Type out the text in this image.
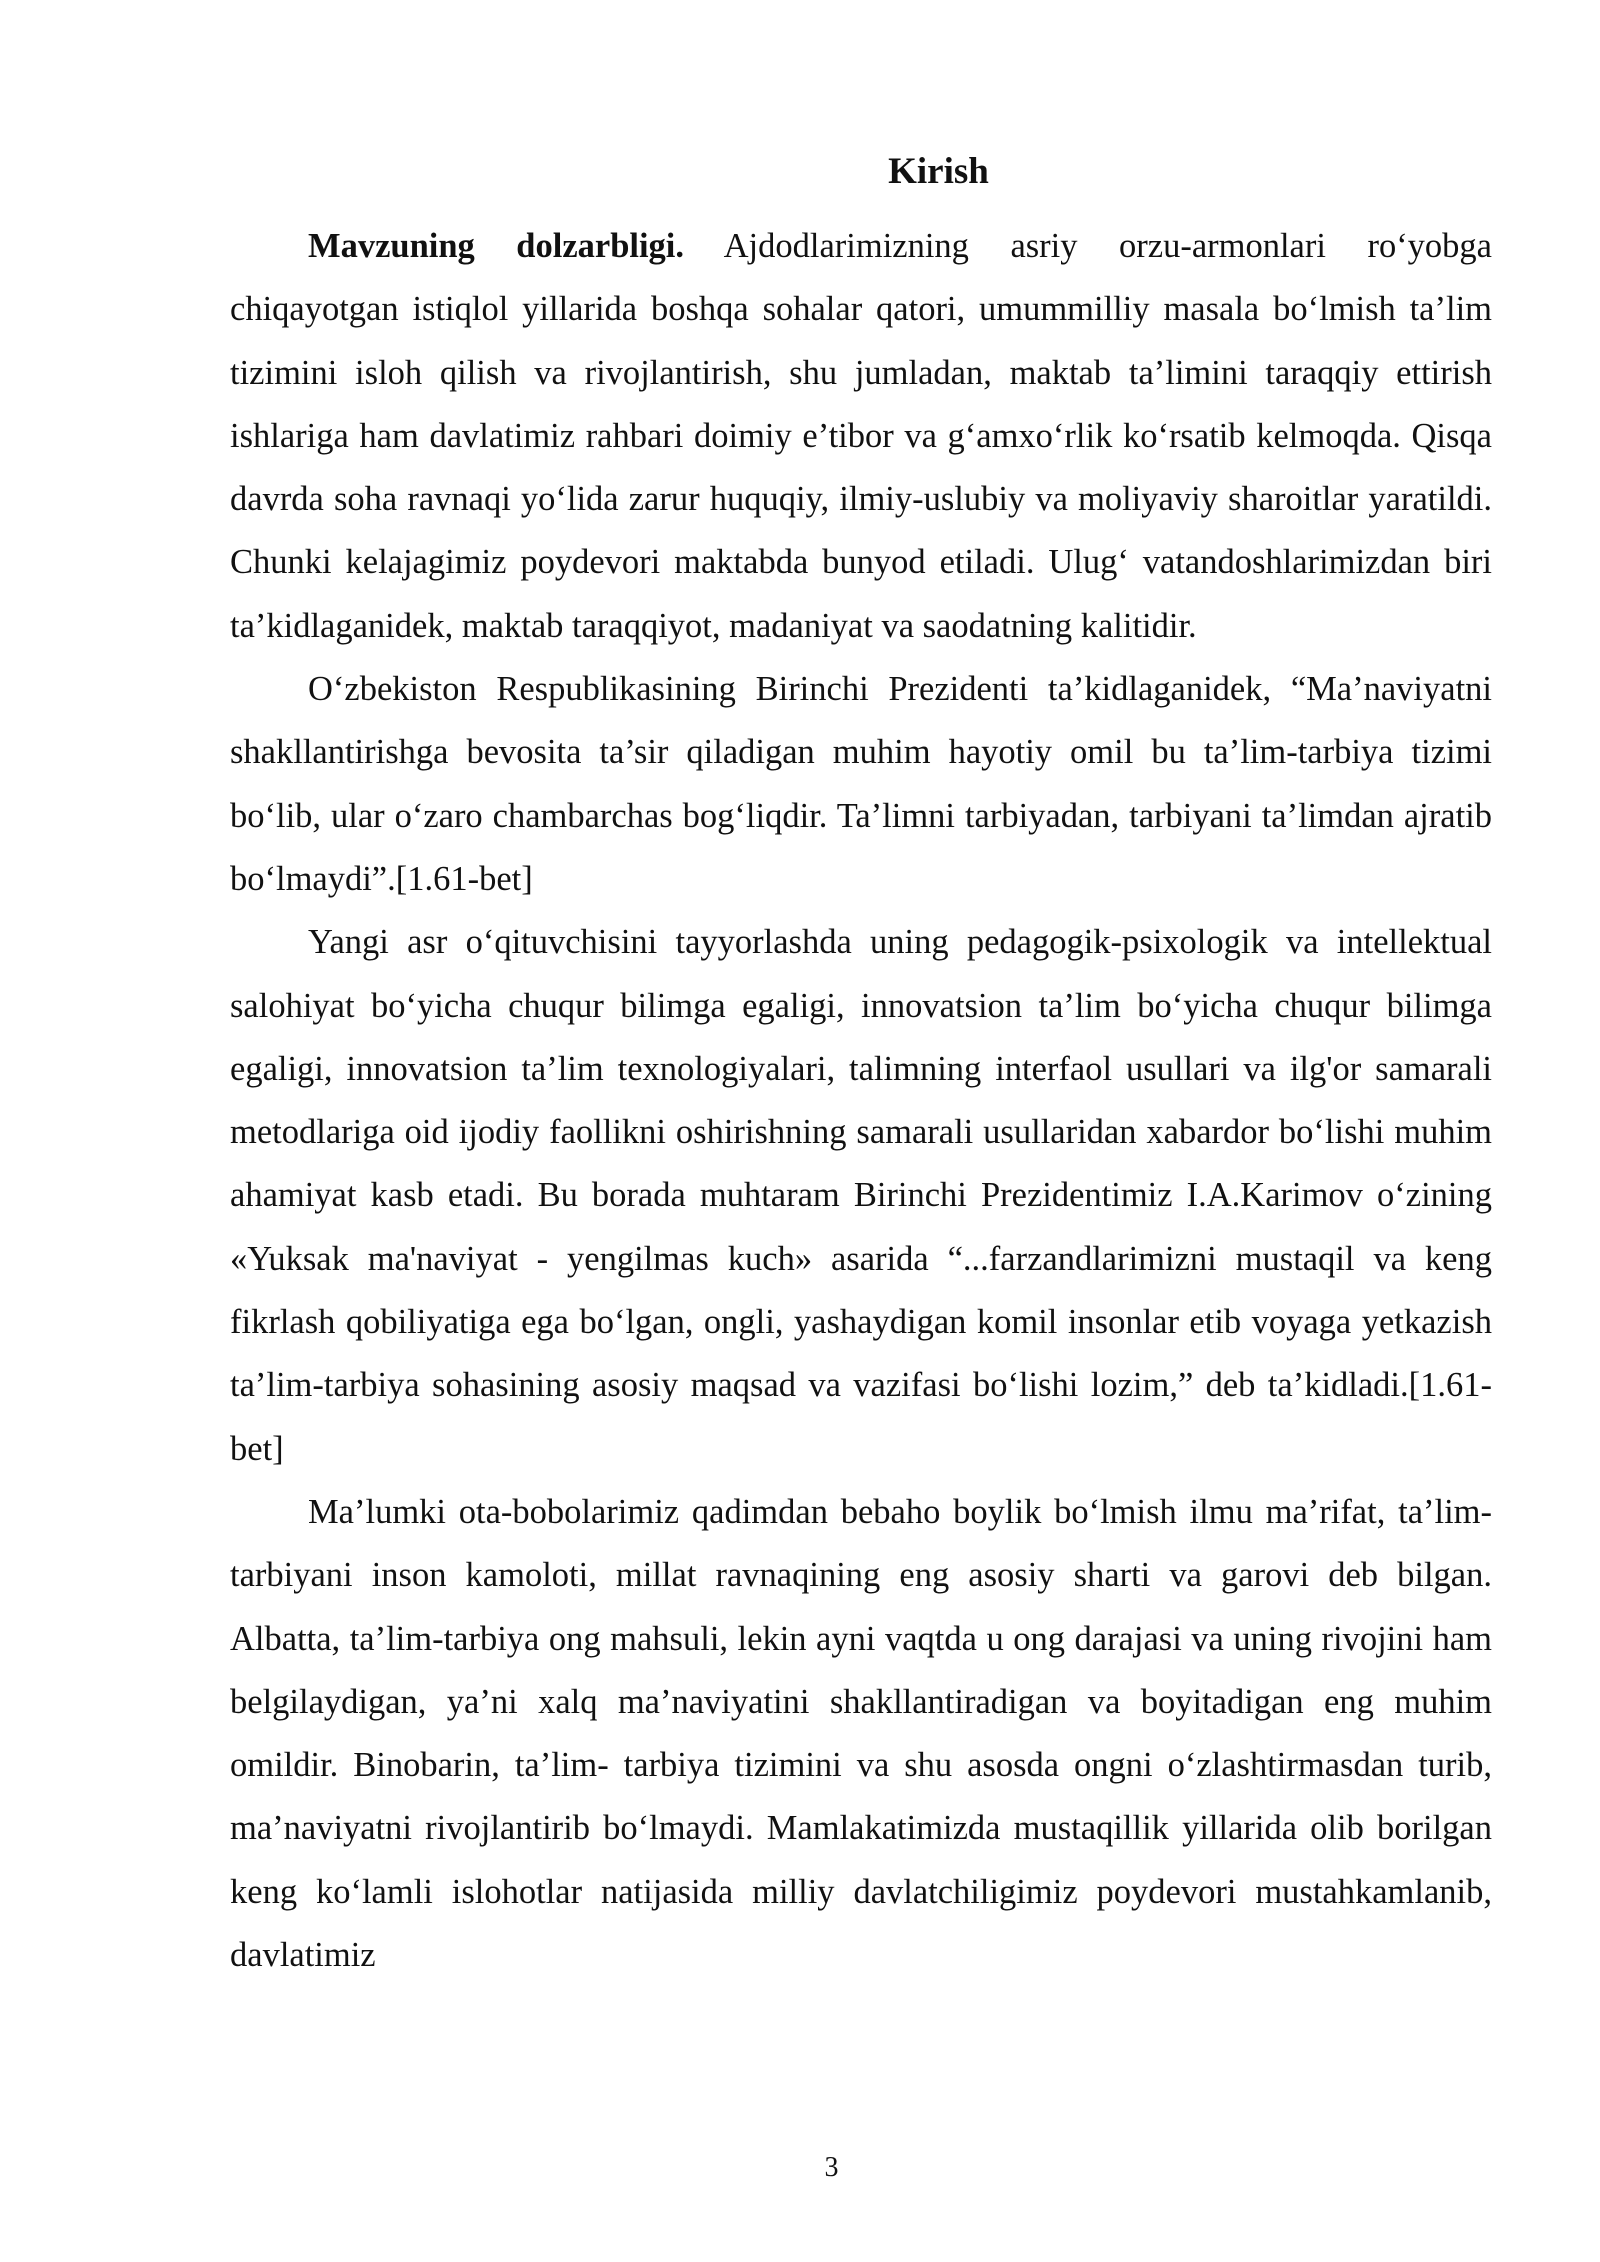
Kirish

Mavzuning dolzarbligi. Ajdodlarimizning asriy orzu-armonlari ro‘yobga chiqayotgan istiqlol yillarida boshqa sohalar qatori, umummilliy masala bo‘lmish ta’lim tizimini isloh qilish va rivojlantirish, shu jumladan, maktab ta’limini taraqqiy ettirish ishlariga ham davlatimiz rahbari doimiy e’tibor va g‘amxo‘rlik ko‘rsatib kelmoqda. Qisqa davrda soha ravnaqi yo‘lida zarur huquqiy, ilmiy-uslubiy va moliyaviy sharoitlar yaratildi. Chunki kelajagimiz poydevori maktabda bunyod etiladi. Ulug‘ vatandoshlarimizdan biri ta’kidlaganidek, maktab taraqqiyot, madaniyat va saodatning kalitidir.

O‘zbekiston Respublikasining Birinchi Prezidenti ta’kidlaganidek, “Ma’naviyatni shakllantirishga bevosita ta’sir qiladigan muhim hayotiy omil bu ta’lim-tarbiya tizimi bo‘lib, ular o‘zaro chambarchas bog‘liqdir. Ta’limni tarbiyadan, tarbiyani ta’limdan ajratib bo‘lmaydi”.[1.61-bet]

Yangi asr o‘qituvchisini tayyorlashda uning pedagogik-psixologik va intellektual salohiyat bo‘yicha chuqur bilimga egaligi, innovatsion ta’lim bo‘yicha chuqur bilimga egaligi, innovatsion ta’lim texnologiyalari, talimning interfaol usullari va ilg'or samarali metodlariga oid ijodiy faollikni oshirishning samarali usullaridan xabardor bo‘lishi muhim ahamiyat kasb etadi. Bu borada muhtaram Birinchi Prezidentimiz I.A.Karimov o‘zining «Yuksak ma'naviyat - yengilmas kuch» asarida “...farzandlarimizni mustaqil va keng fikrlash qobiliyatiga ega bo‘lgan, ongli, yashaydigan komil insonlar etib voyaga yetkazish ta’lim-tarbiya sohasining asosiy maqsad va vazifasi bo‘lishi lozim,” deb ta’kidladi.[1.61-bet]

Ma’lumki ota-bobolarimiz qadimdan bebaho boylik bo‘lmish ilmu ma’rifat, ta’lim-tarbiyani inson kamoloti, millat ravnaqining eng asosiy sharti va garovi deb bilgan. Albatta, ta’lim-tarbiya ong mahsuli, lekin ayni vaqtda u ong darajasi va uning rivojini ham belgilaydigan, ya’ni xalq ma’naviyatini shakllantiradigan va boyitadigan eng muhim omildir. Binobarin, ta’lim- tarbiya tizimini va shu asosda ongni o‘zlashtirmasdan turib, ma’naviyatni rivojlantirib bo‘lmaydi. Mamlakatimizda mustaqillik yillarida olib borilgan keng ko‘lamli islohotlar natijasida milliy davlatchiligimiz poydevori mustahkamlanib, davlatimiz

3
